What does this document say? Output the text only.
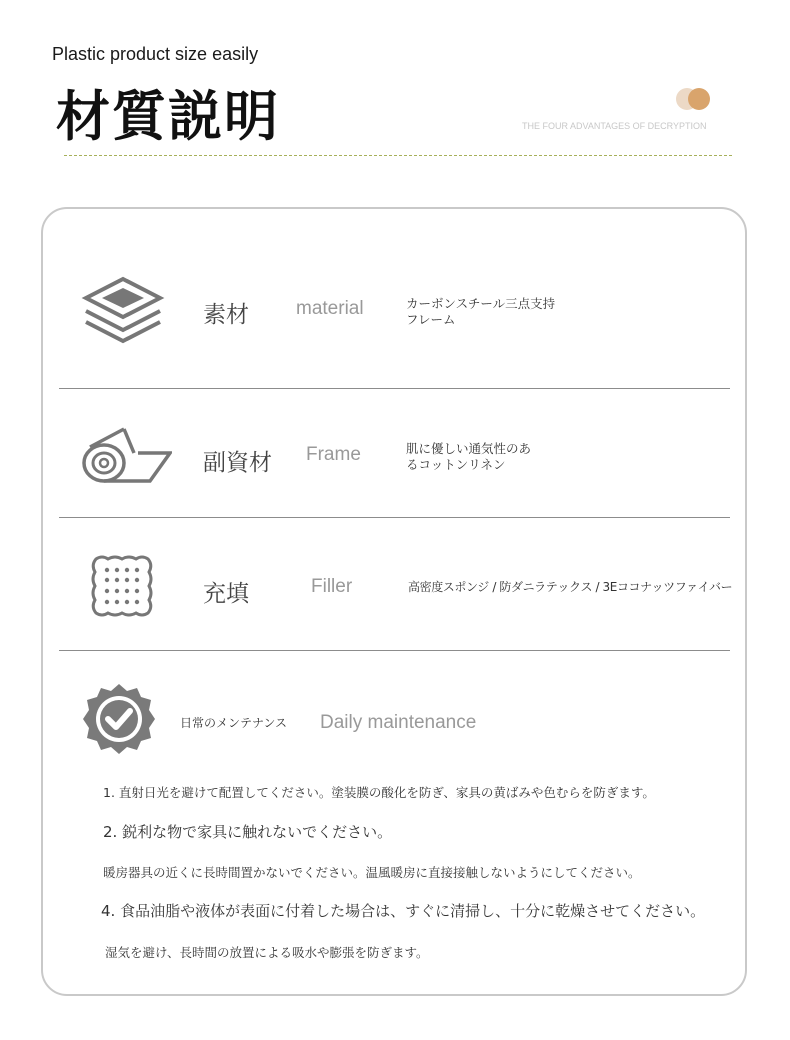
Plastic product size easily
材質説明	THE FOUR ADVANTAGES OF DECRYPTION
素材 material	カーボンスチール三点支持
フレーム
副資材 Frame	肌に優しい通気性のあ
るコットンリネン
充填	Filler	高密度スポンジ / 防ダニラテックス / 3Eココナッツファイバー
日常のメンテナンス Daily maintenance
1. 直射日光を避けて配置してください。塗装膜の酸化を防ぎ、家具の黄ばみや色むらを防ぎます。
2. 鋭利な物で家具に触れないでください。
暖房器具の近くに長時間置かないでください。温風暖房に直接接触しないようにしてください。
4. 食品油脂や液体が表面に付着した場合は、すぐに清掃し、十分に乾燥させてください。
湿気を避け、長時間の放置による吸水や膨張を防ぎます。
